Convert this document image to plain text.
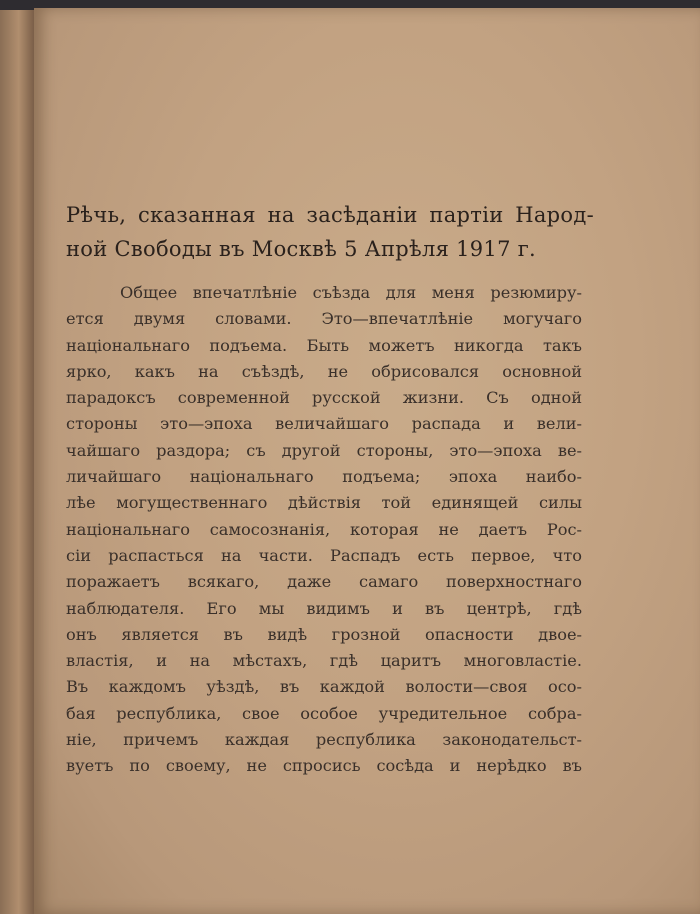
Рѣчь, сказанная на засѣданіи партіи Народ-
ной Свободы въ Москвѣ 5 Апрѣля 1917 г.
Общее впечатлѣніе съѣзда для меня резюмиру-
ется двумя словами. Это—впечатлѣніе могучаго
національнаго подъема. Быть можетъ никогда такъ
ярко, какъ на съѣздѣ, не обрисовался основной
парадоксъ современной русской жизни. Съ одной
стороны это—эпоха величайшаго распада и вели-
чайшаго раздора; съ другой стороны, это—эпоха ве-
личайшаго національнаго подъема; эпоха наибо-
лѣе могущественнаго дѣйствія той единящей силы
національнаго самосознанія, которая не даетъ Рос-
сіи распасться на части. Распадъ есть первое, что
поражаетъ всякаго, даже самаго поверхностнаго
наблюдателя. Его мы видимъ и въ центрѣ, гдѣ
онъ является въ видѣ грозной опасности двое-
властія, и на мѣстахъ, гдѣ царитъ многовластіе.
Въ каждомъ уѣздѣ, въ каждой волости—своя осо-
бая республика, свое особое учредительное собра-
ніе, причемъ каждая республика законодательст-
вуетъ по своему, не спросись сосѣда и нерѣдко въ
